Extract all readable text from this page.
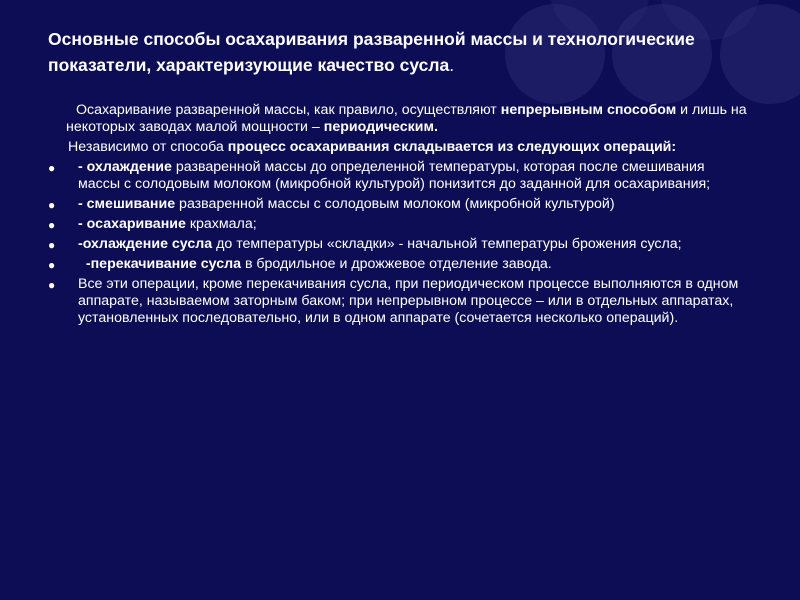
Основные способы осахаривания разваренной массы и технологические показатели, характеризующие качество сусла.

Осахаривание разваренной массы, как правило, осуществляют непрерывным способом и лишь на некоторых заводах малой мощности – периодическим.

Независимо от способа процесс осахаривания складывается из следующих операций:

● - охлаждение разваренной массы до определенной температуры, которая после смешивания массы с солодовым молоком (микробной культурой) понизится до заданной для осахаривания;
● - смешивание разваренной массы с солодовым молоком (микробной культурой)
● - осахаривание крахмала;
● -охлаждение сусла до температуры «складки» - начальной температуры брожения сусла;
● -перекачивание сусла в бродильное и дрожжевое отделение завода.
● Все эти операции, кроме перекачивания сусла, при периодическом процессе выполняются в одном аппарате, называемом заторным баком; при непрерывном процессе – или в отдельных аппаратах, установленных последовательно, или в одном аппарате (сочетается несколько операций).
